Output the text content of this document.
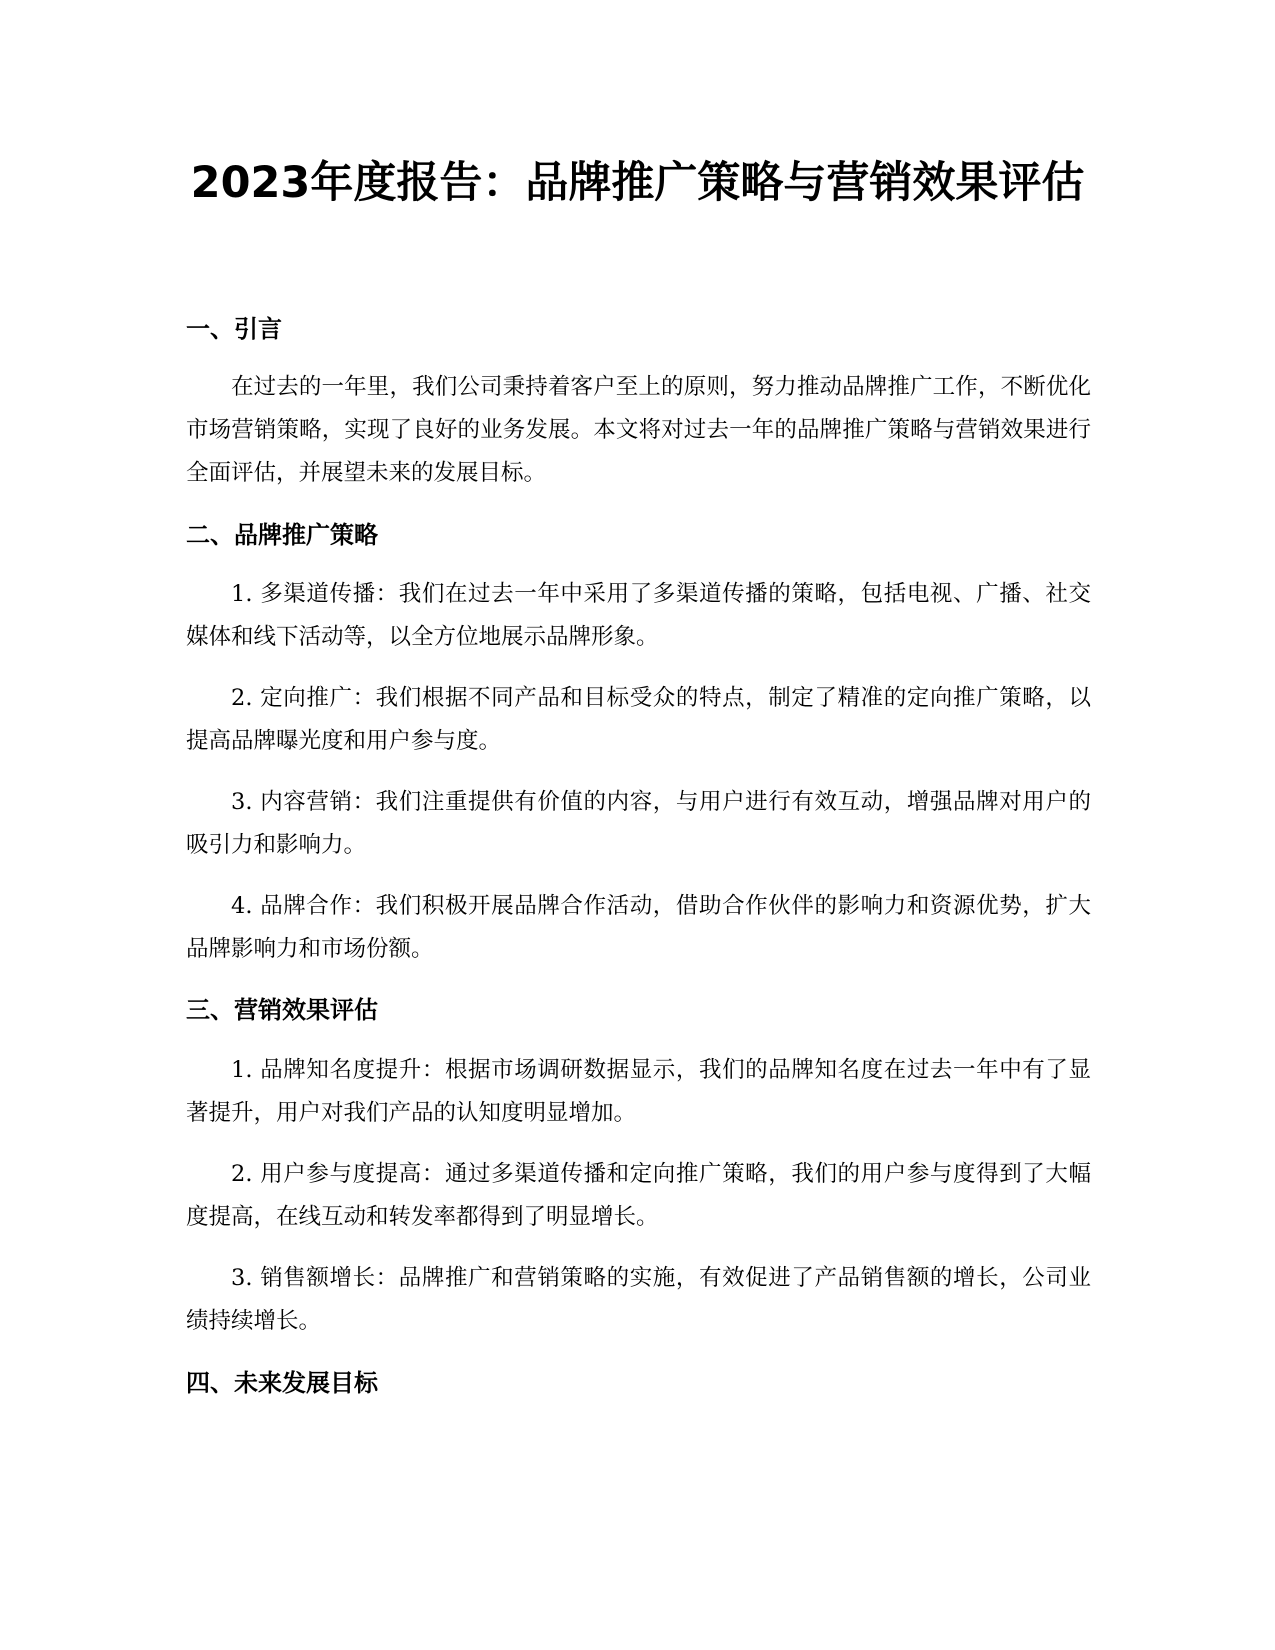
2023年度报告：品牌推广策略与营销效果评估
一、引言

在过去的一年里，我们公司秉持着客户至上的原则，努力推动品牌推广工作，不断优化市场营销策略，实现了良好的业务发展。本文将对过去一年的品牌推广策略与营销效果进行全面评估，并展望未来的发展目标。

二、品牌推广策略

1. 多渠道传播：我们在过去一年中采用了多渠道传播的策略，包括电视、广播、社交媒体和线下活动等，以全方位地展示品牌形象。

2. 定向推广：我们根据不同产品和目标受众的特点，制定了精准的定向推广策略，以提高品牌曝光度和用户参与度。

3. 内容营销：我们注重提供有价值的内容，与用户进行有效互动，增强品牌对用户的吸引力和影响力。

4. 品牌合作：我们积极开展品牌合作活动，借助合作伙伴的影响力和资源优势，扩大品牌影响力和市场份额。

三、营销效果评估

1. 品牌知名度提升：根据市场调研数据显示，我们的品牌知名度在过去一年中有了显著提升，用户对我们产品的认知度明显增加。

2. 用户参与度提高：通过多渠道传播和定向推广策略，我们的用户参与度得到了大幅度提高，在线互动和转发率都得到了明显增长。

3. 销售额增长：品牌推广和营销策略的实施，有效促进了产品销售额的增长，公司业绩持续增长。

四、未来发展目标
